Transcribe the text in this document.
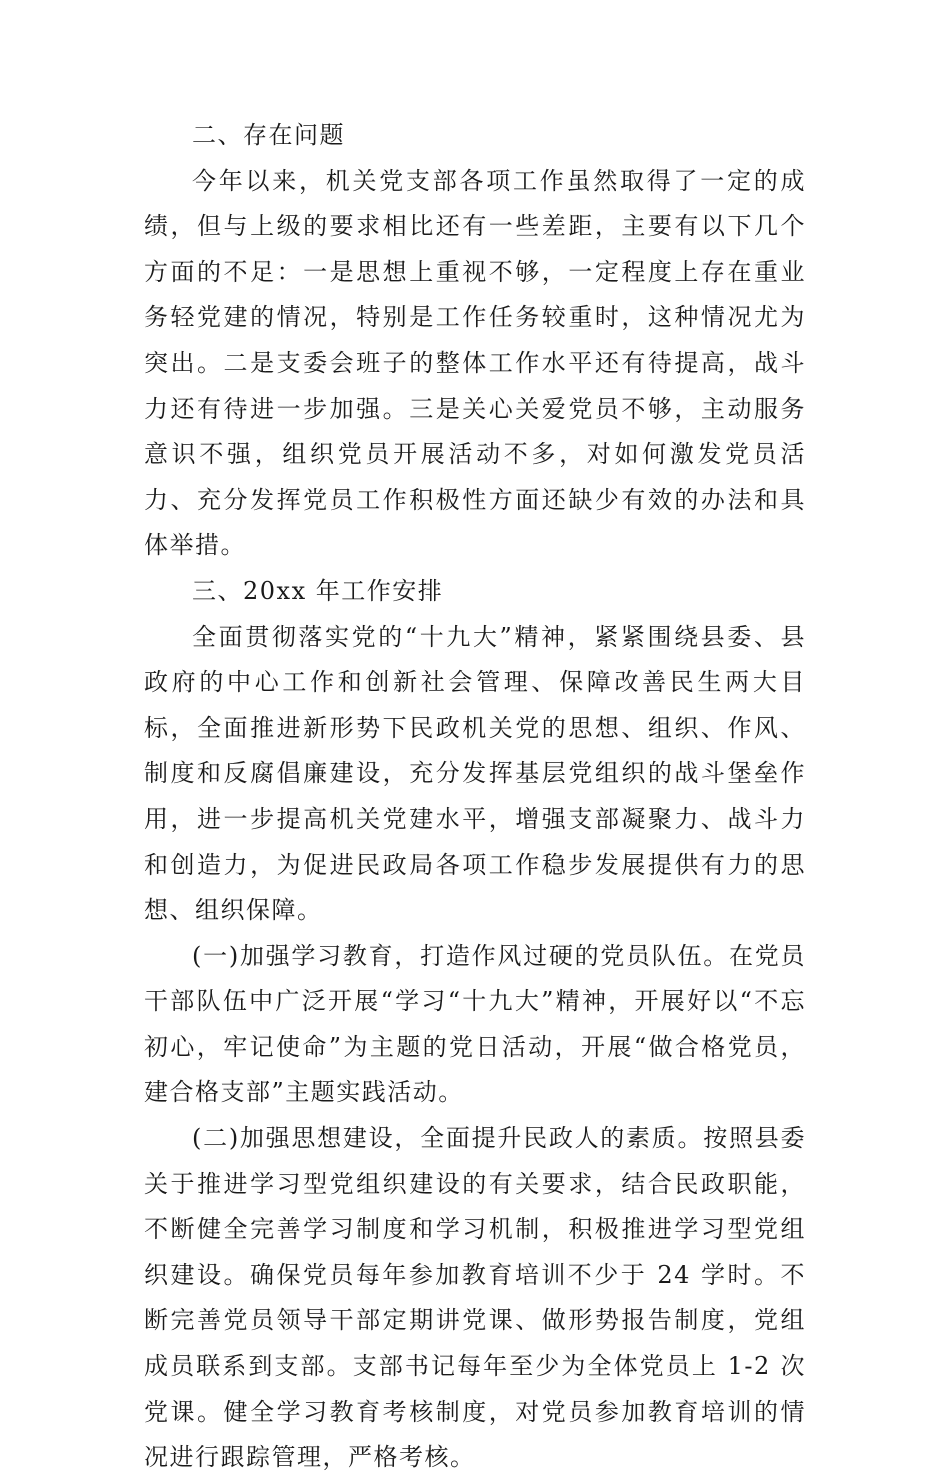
二、存在问题

今年以来，机关党支部各项工作虽然取得了一定的成绩，但与上级的要求相比还有一些差距，主要有以下几个方面的不足：一是思想上重视不够，一定程度上存在重业务轻党建的情况，特别是工作任务较重时，这种情况尤为突出。二是支委会班子的整体工作水平还有待提高，战斗力还有待进一步加强。三是关心关爱党员不够，主动服务意识不强，组织党员开展活动不多，对如何激发党员活力、充分发挥党员工作积极性方面还缺少有效的办法和具体举措。

三、20xx 年工作安排

全面贯彻落实党的“十九大”精神，紧紧围绕县委、县政府的中心工作和创新社会管理、保障改善民生两大目标，全面推进新形势下民政机关党的思想、组织、作风、制度和反腐倡廉建设，充分发挥基层党组织的战斗堡垒作用，进一步提高机关党建水平，增强支部凝聚力、战斗力和创造力，为促进民政局各项工作稳步发展提供有力的思想、组织保障。

(一)加强学习教育，打造作风过硬的党员队伍。在党员干部队伍中广泛开展“学习“十九大”精神，开展好以“不忘初心，牢记使命”为主题的党日活动，开展“做合格党员，建合格支部”主题实践活动。

(二)加强思想建设，全面提升民政人的素质。按照县委关于推进学习型党组织建设的有关要求，结合民政职能，不断健全完善学习制度和学习机制，积极推进学习型党组织建设。确保党员每年参加教育培训不少于 24 学时。不断完善党员领导干部定期讲党课、做形势报告制度，党组成员联系到支部。支部书记每年至少为全体党员上 1-2 次党课。健全学习教育考核制度，对党员参加教育培训的情况进行跟踪管理，严格考核。
